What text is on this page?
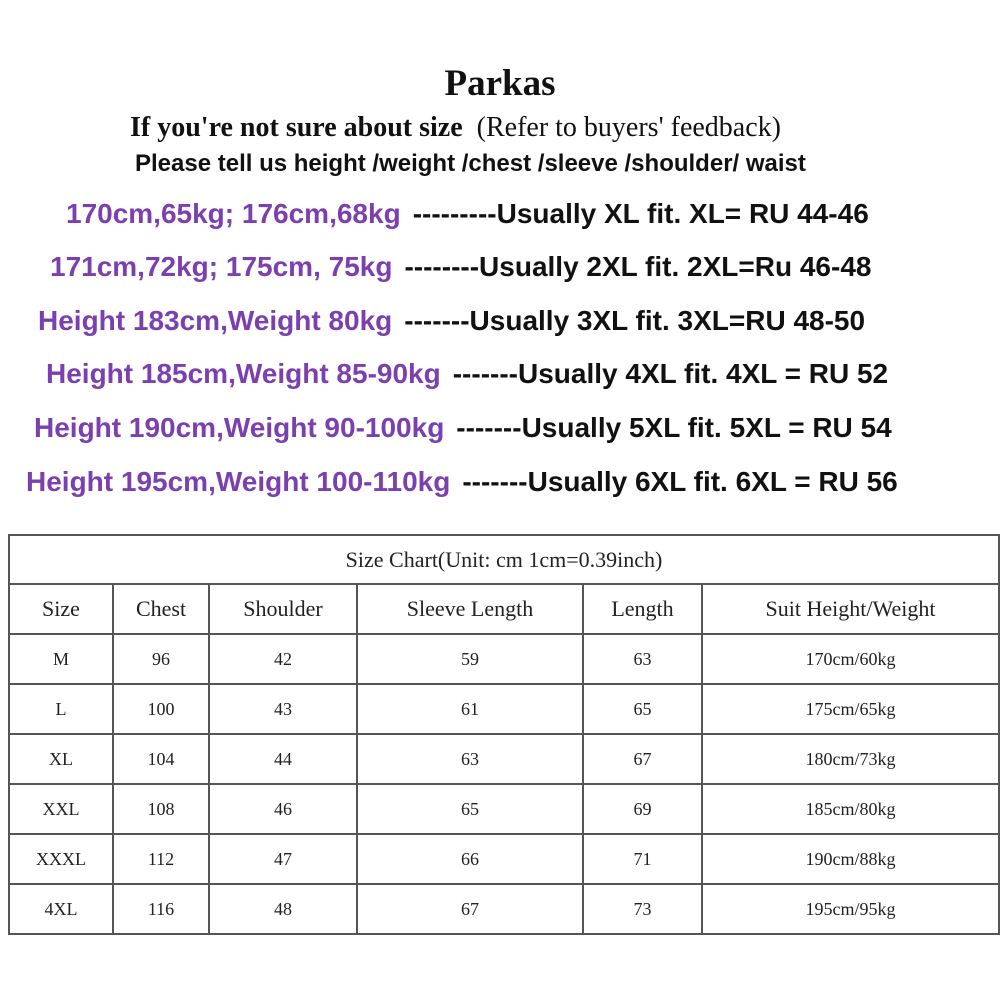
Parkas
If you're not sure about size (Refer to buyers' feedback)
Please tell us height /weight /chest /sleeve /shoulder/ waist
170cm,65kg; 176cm,68kg ---------Usually XL fit. XL= RU 44-46
171cm,72kg; 175cm, 75kg --------Usually 2XL fit. 2XL=Ru 46-48
Height 183cm,Weight 80kg -------Usually 3XL fit. 3XL=RU 48-50
Height 185cm,Weight 85-90kg -------Usually 4XL fit. 4XL = RU 52
Height 190cm,Weight 90-100kg -------Usually 5XL fit. 5XL = RU 54
Height 195cm,Weight 100-110kg -------Usually 6XL fit. 6XL = RU 56
Size Chart(Unit: cm 1cm=0.39inch)					
Size	Chest	Shoulder	Sleeve Length	Length	Suit Height/Weight
M	96	42	59	63	170cm/60kg
L	100	43	61	65	175cm/65kg
XL	104	44	63	67	180cm/73kg
XXL	108	46	65	69	185cm/80kg
XXXL	112	47	66	71	190cm/88kg
4XL	116	48	67	73	195cm/95kg
